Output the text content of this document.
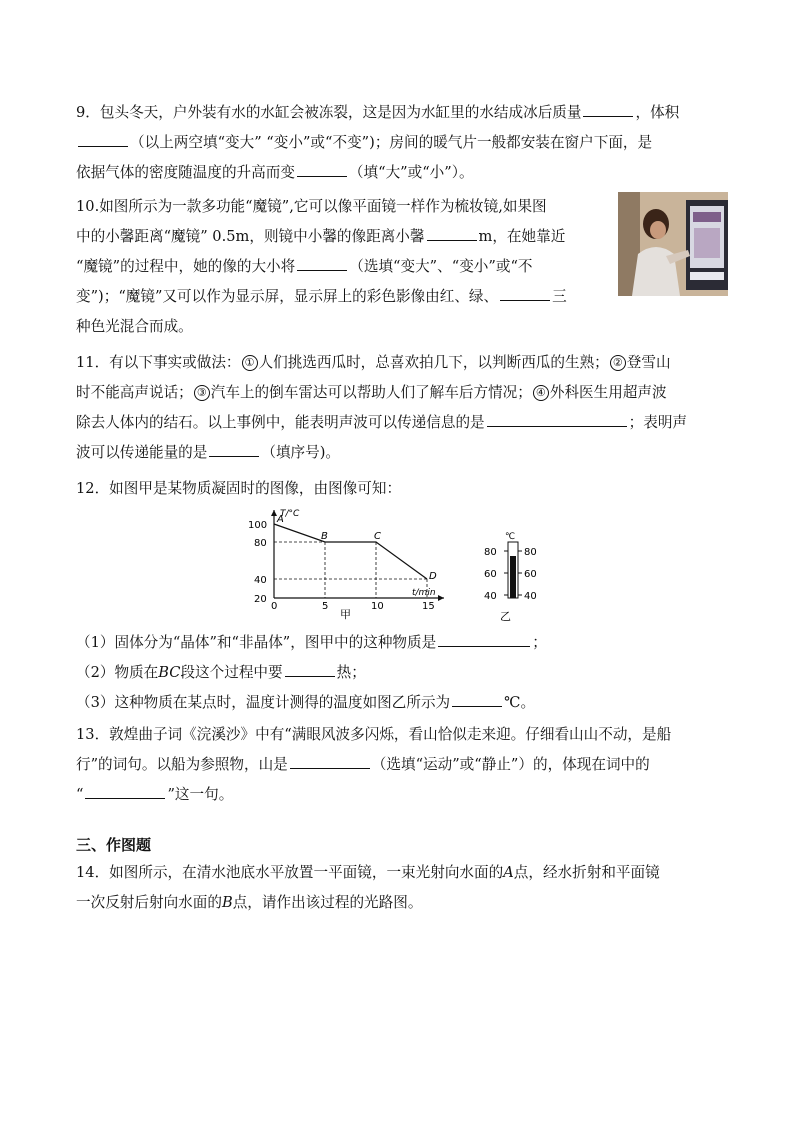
9．包头冬天，户外装有水的水缸会被冻裂，这是因为水缸里的水结成冰后质量	，体积
（以上两空填“变大” “变小”或“不变”)；房间的暖气片一般都安装在窗户下面，是
依据气体的密度随温度的升高而变	（填“大”或“小”）。
10.如图所示为一款多功能“魔镜”,它可以像平面镜一样作为梳妆镜,如果图
中的小馨距离“魔镜” 0.5m，则镜中小馨的像距离小馨	m，在她靠近
“魔镜”的过程中，她的像的大小将	（选填“变大”、“变小”或“不
变”)；“魔镜”又可以作为显示屏，显示屏上的彩色影像由红、绿、	三
种色光混合而成。
11．有以下事实或做法： ① 人们挑选西瓜时，总喜欢拍几下，以判断西瓜的生熟； ② 登雪山
时不能高声说话； ③ 汽车上的倒车雷达可以帮助人们了解车后方情况； ④ 外科医生用超声波
除去人体内的结石。以上事例中，能表明声波可以传递信息的是	；表明声
波可以传递能量的是	（填序号)。
12．如图甲是某物质凝固时的图像，由图像可知：
T/°C
t/min
0	5	10	15
20
40
80
100
A
B	C
D
甲
℃
80	80
60	60
40	40
乙
（1）固体分为“晶体”和“非晶体”，图甲中的这种物质是	；
（2）物质在BC段这个过程中要	热；
（3）这种物质在某点时，温度计测得的温度如图乙所示为	℃。
13．敦煌曲子词《浣溪沙》中有“满眼风波多闪烁，看山恰似走来迎。仔细看山山不动，是船
行”的词句。以船为参照物，山是	（选填“运动”或“静止”）的，体现在词中的
“	”这一句。
三、作图题
14．如图所示，在清水池底水平放置一平面镜，一束光射向水面的A点，经水折射和平面镜
一次反射后射向水面的B点，请作出该过程的光路图。
